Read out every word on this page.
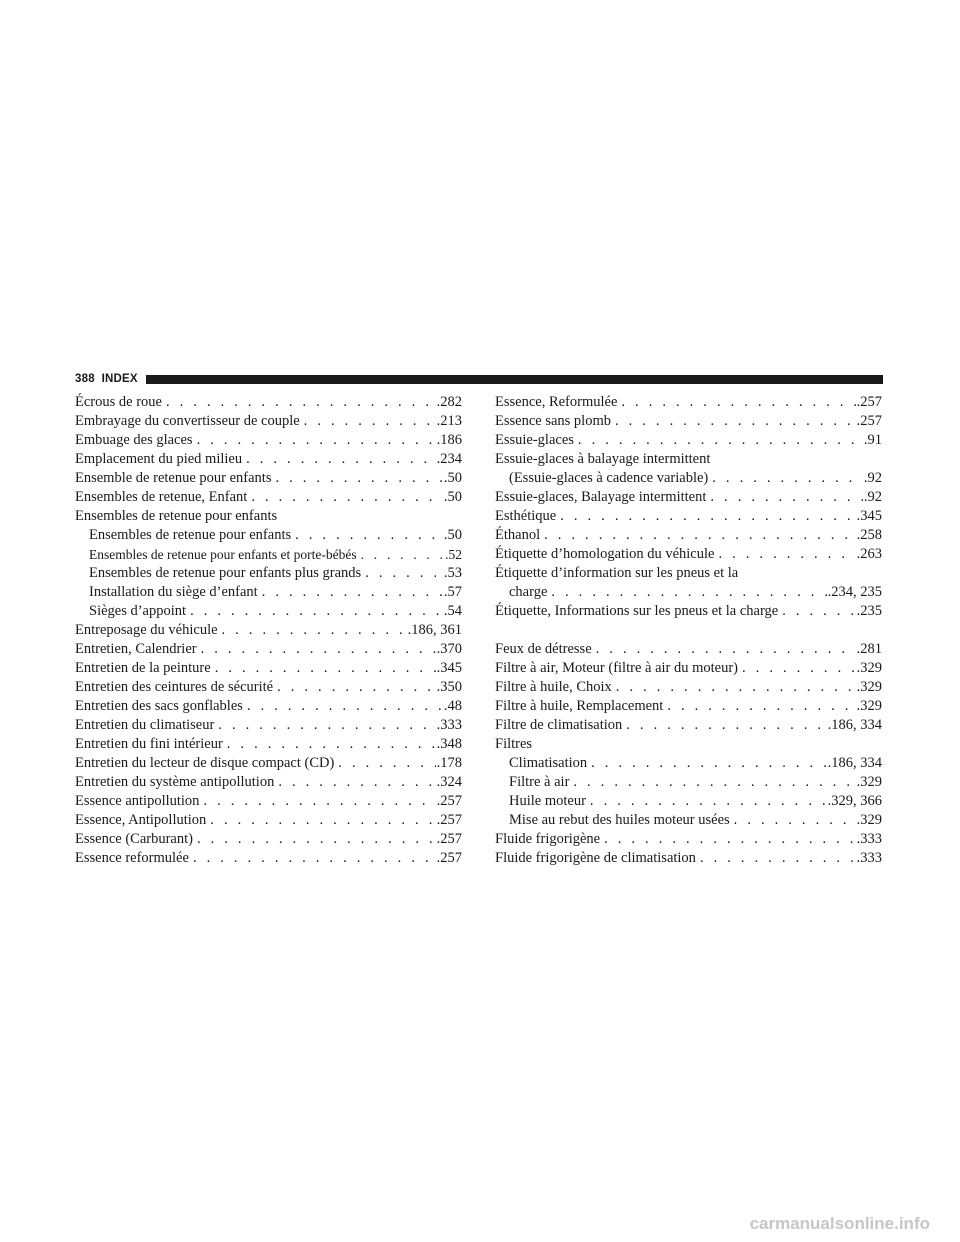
388  INDEX
Écrous de roue . . .	.282
Embrayage du convertisseur de couple . . .	.213
Embuage des glaces . . .	.186
Emplacement du pied milieu . . .	.234
Ensemble de retenue pour enfants . . .	.50
Ensembles de retenue, Enfant . . .	.50
Ensembles de retenue pour enfants
Ensembles de retenue pour enfants . . .	.50
Ensembles de retenue pour enfants et porte-bébés . . .	.52
Ensembles de retenue pour enfants plus grands . . .	.53
Installation du siège d’enfant . . .	.57
Sièges d’appoint . . .	.54
Entreposage du véhicule . . .	.186, 361
Entretien, Calendrier . . .	.370
Entretien de la peinture . . .	.345
Entretien des ceintures de sécurité . . .	.350
Entretien des sacs gonflables . . .	.48
Entretien du climatiseur . . .	.333
Entretien du fini intérieur . . .	.348
Entretien du lecteur de disque compact (CD) . . .	.178
Entretien du système antipollution . . .	.324
Essence antipollution . . .	.257
Essence, Antipollution . . .	.257
Essence (Carburant) . . .	.257
Essence reformulée . . .	.257
Essence, Reformulée . . .	.257
Essence sans plomb . . .	.257
Essuie-glaces . . .	.91
Essuie-glaces à balayage intermittent
(Essuie-glaces à cadence variable) . . .	.92
Essuie-glaces, Balayage intermittent . . .	.92
Esthétique . . .	.345
Éthanol . . .	.258
Étiquette d’homologation du véhicule . . .	.263
Étiquette d’information sur les pneus et la
charge . . .	.234, 235
Étiquette, Informations sur les pneus et la charge . . .	.235
Feux de détresse . . .	.281
Filtre à air, Moteur (filtre à air du moteur) . . .	.329
Filtre à huile, Choix . . .	.329
Filtre à huile, Remplacement . . .	.329
Filtre de climatisation . . .	.186, 334
Filtres
Climatisation . . .	.186, 334
Filtre à air . . .	.329
Huile moteur . . .	.329, 366
Mise au rebut des huiles moteur usées . . .	.329
Fluide frigorigène . . .	.333
Fluide frigorigène de climatisation . . .	.333
carmanualsonline.info
